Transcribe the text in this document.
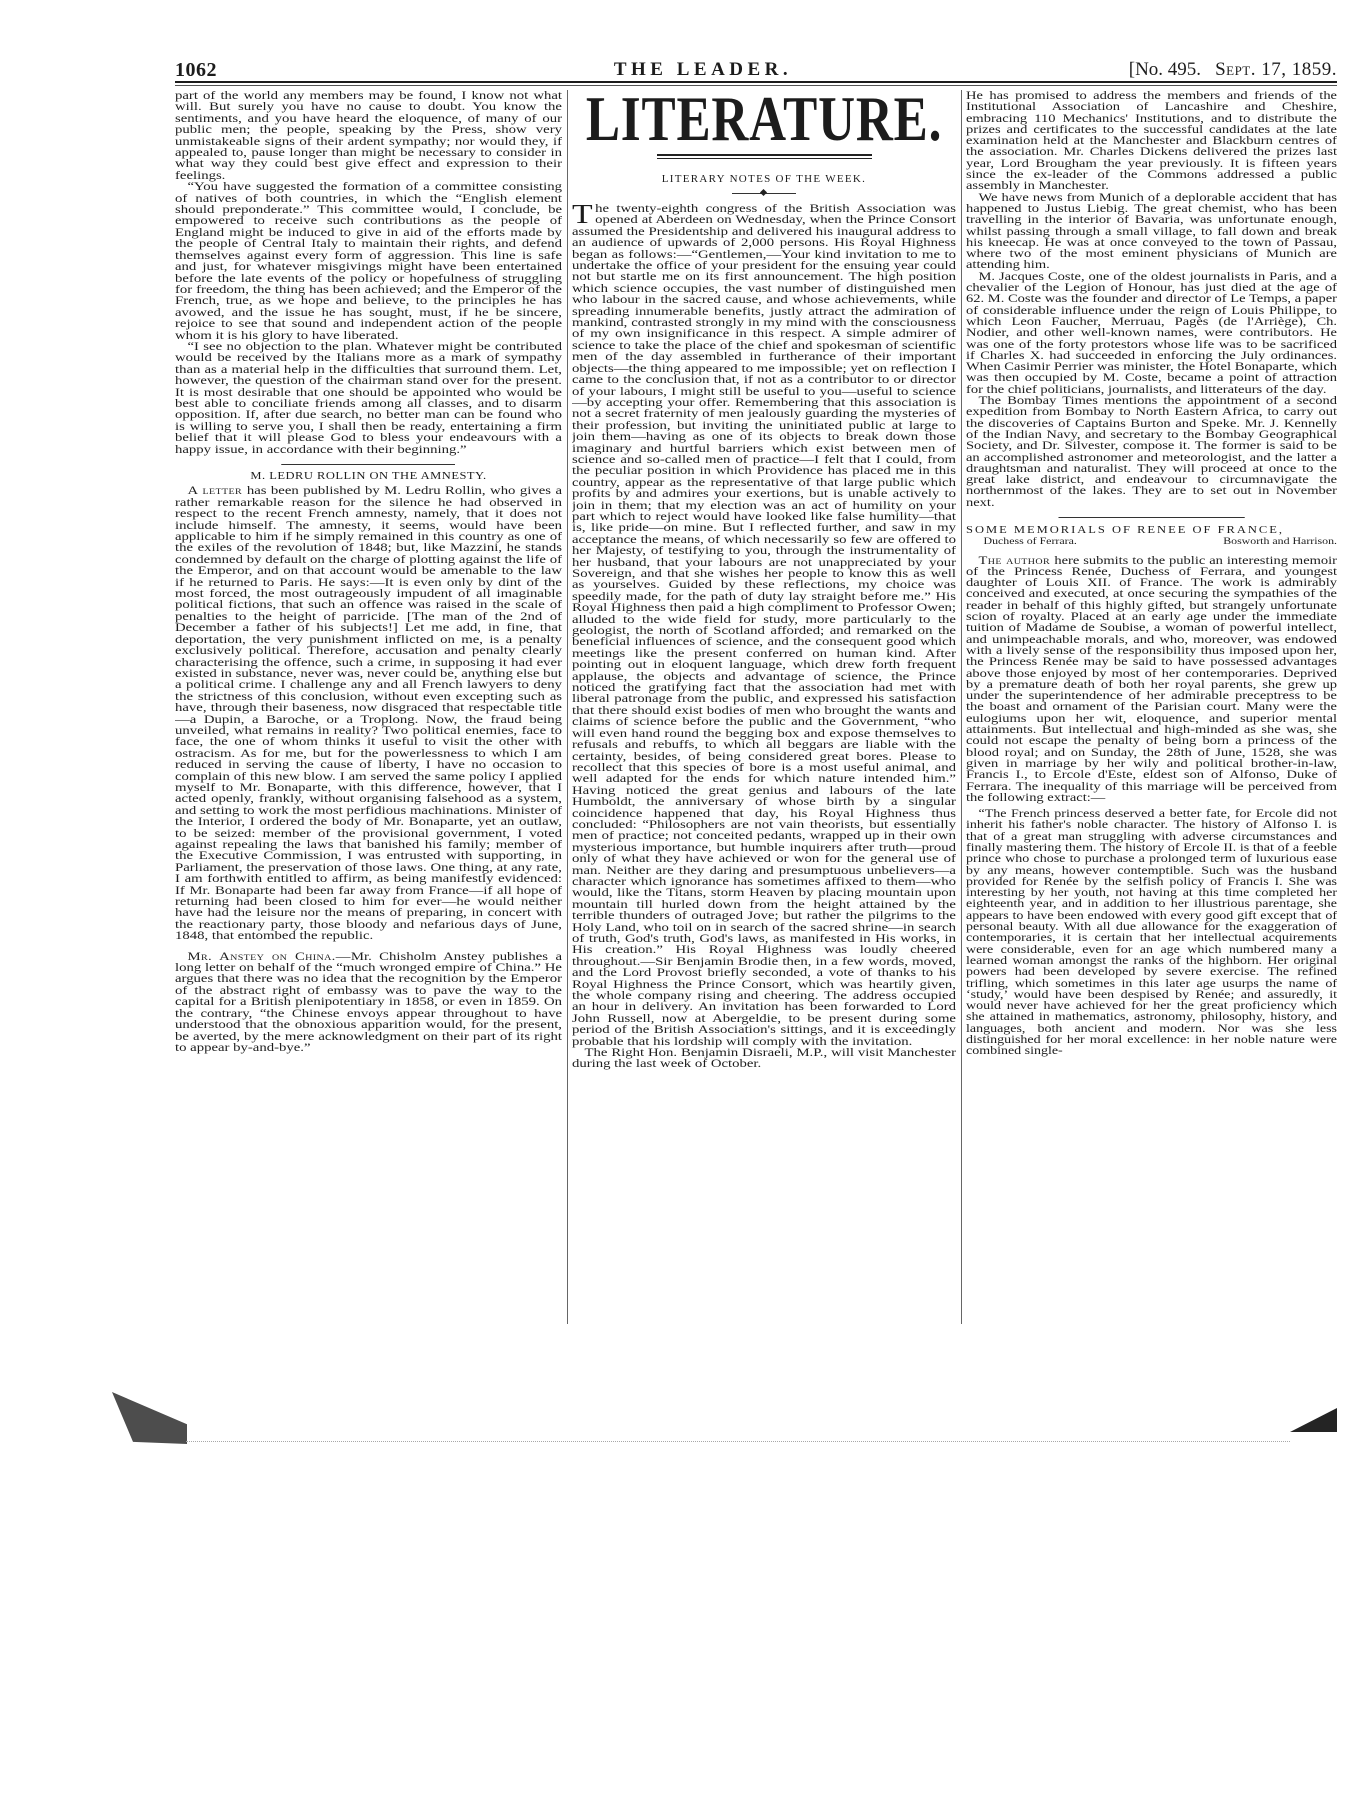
1062	THE LEADER.	[No. 495. Sept. 17, 1859.

part of the world any members may be found, I know not what will. But surely you have no cause to doubt. You know the sentiments, and you have heard the eloquence, of many of our public men; the people, speaking by the Press, show very unmistakeable signs of their ardent sympathy; nor would they, if appealed to, pause longer than might be necessary to consider in what way they could best give effect and expression to their feelings.

“You have suggested the formation of a committee consisting of natives of both countries, in which the “English element should preponderate.” This committee would, I conclude, be empowered to receive such contributions as the people of England might be induced to give in aid of the efforts made by the people of Central Italy to maintain their rights, and defend themselves against every form of aggression. This line is safe and just, for whatever misgivings might have been entertained before the late events of the policy or hopefulness of struggling for freedom, the thing has been achieved; and the Emperor of the French, true, as we hope and believe, to the principles he has avowed, and the issue he has sought, must, if he be sincere, rejoice to see that sound and independent action of the people whom it is his glory to have liberated.

“I see no objection to the plan. Whatever might be contributed would be received by the Italians more as a mark of sympathy than as a material help in the difficulties that surround them. Let, however, the question of the chairman stand over for the present. It is most desirable that one should be appointed who would be best able to conciliate friends among all classes, and to disarm opposition. If, after due search, no better man can be found who is willing to serve you, I shall then be ready, entertaining a firm belief that it will please God to bless your endeavours with a happy issue, in accordance with their beginning.”

M. LEDRU ROLLIN ON THE AMNESTY.

A letter has been published by M. Ledru Rollin, who gives a rather remarkable reason for the silence he had observed in respect to the recent French amnesty, namely, that it does not include himself. The amnesty, it seems, would have been applicable to him if he simply remained in this country as one of the exiles of the revolution of 1848; but, like Mazzini, he stands condemned by default on the charge of plotting against the life of the Emperor, and on that account would be amenable to the law if he returned to Paris. He says:—It is even only by dint of the most forced, the most outrageously impudent of all imaginable political fictions, that such an offence was raised in the scale of penalties to the height of parricide. [The man of the 2nd of December a father of his subjects!] Let me add, in fine, that deportation, the very punishment inflicted on me, is a penalty exclusively political. Therefore, accusation and penalty clearly characterising the offence, such a crime, in supposing it had ever existed in substance, never was, never could be, anything else but a political crime. I challenge any and all French lawyers to deny the strictness of this conclusion, without even excepting such as have, through their baseness, now disgraced that respectable title—a Dupin, a Baroche, or a Troplong. Now, the fraud being unveiled, what remains in reality? Two political enemies, face to face, the one of whom thinks it useful to visit the other with ostracism. As for me, but for the powerlessness to which I am reduced in serving the cause of liberty, I have no occasion to complain of this new blow. I am served the same policy I applied myself to Mr. Bonaparte, with this difference, however, that I acted openly, frankly, without organising falsehood as a system, and setting to work the most perfidious machinations. Minister of the Interior, I ordered the body of Mr. Bonaparte, yet an outlaw, to be seized: member of the provisional government, I voted against repealing the laws that banished his family; member of the Executive Commission, I was entrusted with supporting, in Parliament, the preservation of those laws. One thing, at any rate, I am forthwith entitled to affirm, as being manifestly evidenced: If Mr. Bonaparte had been far away from France—if all hope of returning had been closed to him for ever—he would neither have had the leisure nor the means of preparing, in concert with the reactionary party, those bloody and nefarious days of June, 1848, that entombed the republic.

Mr. Anstey on China.—Mr. Chisholm Anstey publishes a long letter on behalf of the “much wronged empire of China.” He argues that there was no idea that the recognition by the Emperor of the abstract right of embassy was to pave the way to the capital for a British plenipotentiary in 1858, or even in 1859. On the contrary, “the Chinese envoys appear throughout to have understood that the obnoxious apparition would, for the present, be averted, by the mere acknowledgment on their part of its right to appear by-and-bye.”

LITERATURE.
LITERARY NOTES OF THE WEEK.

The twenty-eighth congress of the British Association was opened at Aberdeen on Wednesday, when the Prince Consort assumed the Presidentship and delivered his inaugural address to an audience of upwards of 2,000 persons. His Royal Highness began as follows:—“Gentlemen,—Your kind invitation to me to undertake the office of your president for the ensuing year could not but startle me on its first announcement. The high position which science occupies, the vast number of distinguished men who labour in the sacred cause, and whose achievements, while spreading innumerable benefits, justly attract the admiration of mankind, contrasted strongly in my mind with the consciousness of my own insignificance in this respect. A simple admirer of science to take the place of the chief and spokesman of scientific men of the day assembled in furtherance of their important objects—the thing appeared to me impossible; yet on reflection I came to the conclusion that, if not as a contributor to or director of your labours, I might still be useful to you—useful to science—by accepting your offer. Remembering that this association is not a secret fraternity of men jealously guarding the mysteries of their profession, but inviting the uninitiated public at large to join them—having as one of its objects to break down those imaginary and hurtful barriers which exist between men of science and so-called men of practice—I felt that I could, from the peculiar position in which Providence has placed me in this country, appear as the representative of that large public which profits by and admires your exertions, but is unable actively to join in them; that my election was an act of humility on your part which to reject would have looked like false humility—that is, like pride—on mine. But I reflected further, and saw in my acceptance the means, of which necessarily so few are offered to her Majesty, of testifying to you, through the instrumentality of her husband, that your labours are not unappreciated by your Sovereign, and that she wishes her people to know this as well as yourselves. Guided by these reflections, my choice was speedily made, for the path of duty lay straight before me.” His Royal Highness then paid a high compliment to Professor Owen; alluded to the wide field for study, more particularly to the geologist, the north of Scotland afforded; and remarked on the beneficial influences of science, and the consequent good which meetings like the present conferred on human kind. After pointing out in eloquent language, which drew forth frequent applause, the objects and advantage of science, the Prince noticed the gratifying fact that the association had met with liberal patronage from the public, and expressed his satisfaction that there should exist bodies of men who brought the wants and claims of science before the public and the Government, “who will even hand round the begging box and expose themselves to refusals and rebuffs, to which all beggars are liable with the certainty, besides, of being considered great bores. Please to recollect that this species of bore is a most useful animal, and well adapted for the ends for which nature intended him.” Having noticed the great genius and labours of the late Humboldt, the anniversary of whose birth by a singular coincidence happened that day, his Royal Highness thus concluded: “Philosophers are not vain theorists, but essentially men of practice; not conceited pedants, wrapped up in their own mysterious importance, but humble inquirers after truth—proud only of what they have achieved or won for the general use of man. Neither are they daring and presumptuous unbelievers—a character which ignorance has sometimes affixed to them—who would, like the Titans, storm Heaven by placing mountain upon mountain till hurled down from the height attained by the terrible thunders of outraged Jove; but rather the pilgrims to the Holy Land, who toil on in search of the sacred shrine—in search of truth, God's truth, God's laws, as manifested in His works, in His creation.” His Royal Highness was loudly cheered throughout.—Sir Benjamin Brodie then, in a few words, moved, and the Lord Provost briefly seconded, a vote of thanks to his Royal Highness the Prince Consort, which was heartily given, the whole company rising and cheering. The address occupied an hour in delivery. An invitation has been forwarded to Lord John Russell, now at Abergeldie, to be present during some period of the British Association's sittings, and it is exceedingly probable that his lordship will comply with the invitation.

The Right Hon. Benjamin Disraeli, M.P., will visit Manchester during the last week of October.

He has promised to address the members and friends of the Institutional Association of Lancashire and Cheshire, embracing 110 Mechanics' Institutions, and to distribute the prizes and certificates to the successful candidates at the late examination held at the Manchester and Blackburn centres of the association. Mr. Charles Dickens delivered the prizes last year, Lord Brougham the year previously. It is fifteen years since the ex-leader of the Commons addressed a public assembly in Manchester.

We have news from Munich of a deplorable accident that has happened to Justus Liebig. The great chemist, who has been travelling in the interior of Bavaria, was unfortunate enough, whilst passing through a small village, to fall down and break his kneecap. He was at once conveyed to the town of Passau, where two of the most eminent physicians of Munich are attending him.

M. Jacques Coste, one of the oldest journalists in Paris, and a chevalier of the Legion of Honour, has just died at the age of 62. M. Coste was the founder and director of Le Temps, a paper of considerable influence under the reign of Louis Philippe, to which Leon Faucher, Merruau, Pagès (de l'Arriège), Ch. Nodier, and other well-known names, were contributors. He was one of the forty protestors whose life was to be sacrificed if Charles X. had succeeded in enforcing the July ordinances. When Casimir Perrier was minister, the Hotel Bonaparte, which was then occupied by M. Coste, became a point of attraction for the chief politicians, journalists, and litterateurs of the day.

The Bombay Times mentions the appointment of a second expedition from Bombay to North Eastern Africa, to carry out the discoveries of Captains Burton and Speke. Mr. J. Kennelly of the Indian Navy, and secretary to the Bombay Geographical Society, and Dr. Silvester, compose it. The former is said to be an accomplished astronomer and meteorologist, and the latter a draughtsman and naturalist. They will proceed at once to the great lake district, and endeavour to circumnavigate the northernmost of the lakes. They are to set out in November next.

SOME MEMORIALS OF RENEE OF FRANCE,
Duchess of Ferrara.	Bosworth and Harrison.

The author here submits to the public an interesting memoir of the Princess Renée, Duchess of Ferrara, and youngest daughter of Louis XII. of France. The work is admirably conceived and executed, at once securing the sympathies of the reader in behalf of this highly gifted, but strangely unfortunate scion of royalty. Placed at an early age under the immediate tuition of Madame de Soubise, a woman of powerful intellect, and unimpeachable morals, and who, moreover, was endowed with a lively sense of the responsibility thus imposed upon her, the Princess Renée may be said to have possessed advantages above those enjoyed by most of her contemporaries. Deprived by a premature death of both her royal parents, she grew up under the superintendence of her admirable preceptress to be the boast and ornament of the Parisian court. Many were the eulogiums upon her wit, eloquence, and superior mental attainments. But intellectual and high-minded as she was, she could not escape the penalty of being born a princess of the blood royal; and on Sunday, the 28th of June, 1528, she was given in marriage by her wily and political brother-in-law, Francis I., to Ercole d'Este, eldest son of Alfonso, Duke of Ferrara. The inequality of this marriage will be perceived from the following extract:—

“The French princess deserved a better fate, for Ercole did not inherit his father's noble character. The history of Alfonso I. is that of a great man struggling with adverse circumstances and finally mastering them. The history of Ercole II. is that of a feeble prince who chose to purchase a prolonged term of luxurious ease by any means, however contemptible. Such was the husband provided for Renée by the selfish policy of Francis I. She was interesting by her youth, not having at this time completed her eighteenth year, and in addition to her illustrious parentage, she appears to have been endowed with every good gift except that of personal beauty. With all due allowance for the exaggeration of contemporaries, it is certain that her intellectual acquirements were considerable, even for an age which numbered many a learned woman amongst the ranks of the highborn. Her original powers had been developed by severe exercise. The refined trifling, which sometimes in this later age usurps the name of ‘study,’ would have been despised by Renée; and assuredly, it would never have achieved for her the great proficiency which she attained in mathematics, astronomy, philosophy, history, and languages, both ancient and modern. Nor was she less distinguished for her moral excellence: in her noble nature were combined single-
